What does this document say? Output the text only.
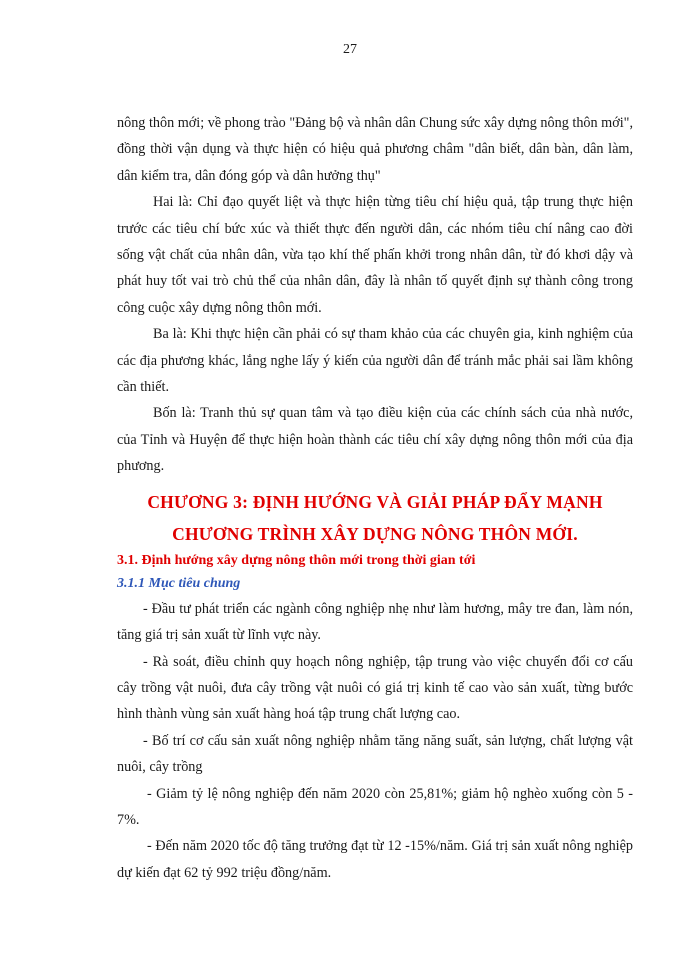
27

nông thôn mới; về phong trào "Đảng bộ và nhân dân Chung sức xây dựng nông thôn mới", đồng thời vận dụng và thực hiện có hiệu quả phương châm "dân biết, dân bàn, dân làm, dân kiểm tra, dân đóng góp và dân hưởng thụ"

Hai là: Chỉ đạo quyết liệt và thực hiện từng tiêu chí hiệu quả, tập trung thực hiện trước các tiêu chí bức xúc và thiết thực đến người dân, các nhóm tiêu chí nâng cao đời sống vật chất của nhân dân, vừa tạo khí thế phấn khởi trong nhân dân, từ đó khơi dậy và phát huy tốt vai trò chủ thể của nhân dân, đây là nhân tố quyết định sự thành công trong công cuộc xây dựng nông thôn mới.

Ba là: Khi thực hiện cần phải có sự tham khảo của các chuyên gia, kinh nghiệm của các địa phương khác, lắng nghe lấy ý kiến của người dân để tránh mắc phải sai lầm không cần thiết.

Bốn là: Tranh thủ sự quan tâm và tạo điều kiện của các chính sách của nhà nước, của Tỉnh và Huyện để thực hiện hoàn thành các tiêu chí xây dựng nông thôn mới của địa phương.

CHƯƠNG 3: ĐỊNH HƯỚNG VÀ GIẢI PHÁP ĐẨY MẠNH
CHƯƠNG TRÌNH XÂY DỰNG NÔNG THÔN MỚI.

3.1. Định hướng xây dựng nông thôn mới trong thời gian tới

3.1.1 Mục tiêu chung

- Đầu tư phát triển các ngành công nghiệp nhẹ như làm hương, mây tre đan, làm nón, tăng giá trị sản xuất từ lĩnh vực này.

- Rà soát, điều chỉnh quy hoạch nông nghiệp, tập trung vào việc chuyển đổi cơ cấu cây trồng vật nuôi, đưa cây trồng vật nuôi có giá trị kinh tế cao vào sản xuất, từng bước hình thành vùng sản xuất hàng hoá tập trung chất lượng cao.

- Bố trí cơ cấu sản xuất nông nghiệp nhằm tăng năng suất, sản lượng, chất lượng vật nuôi, cây trồng

- Giảm tỷ lệ nông nghiệp đến năm 2020 còn 25,81%; giảm hộ nghèo xuống còn 5 - 7%.

- Đến năm 2020 tốc độ tăng trưởng đạt từ 12 -15%/năm. Giá trị sản xuất nông nghiệp dự kiến đạt 62 tỷ 992 triệu đồng/năm.
